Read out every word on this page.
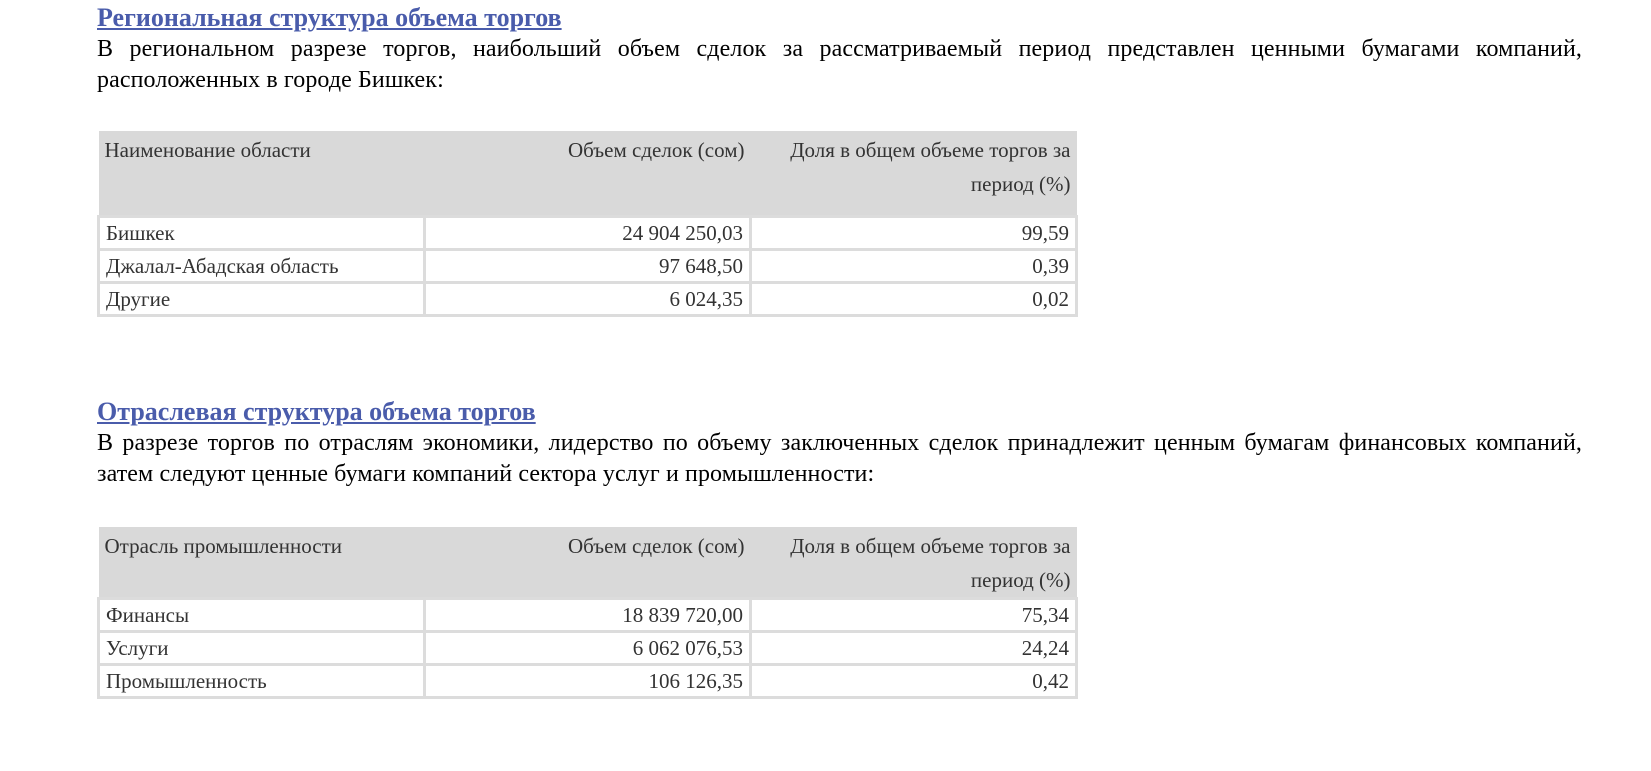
Региональная структура объема торгов

В региональном разрезе торгов, наибольший объем сделок за рассматриваемый период представлен ценными бумагами компаний, расположенных в городе Бишкек:

Наименование области	Объем сделок (сом)	Доля в общем объеме торгов за период (%)
Бишкек	24 904 250,03	99,59
Джалал-Абадская область	97 648,50	0,39
Другие	6 024,35	0,02
Отраслевая структура объема торгов

В разрезе торгов по отраслям экономики, лидерство по объему заключенных сделок принадлежит ценным бумагам финансовых компаний, затем следуют ценные бумаги компаний сектора услуг и промышленности:

Отрасль промышленности	Объем сделок (сом)	Доля в общем объеме торгов за период (%)
Финансы	18 839 720,00	75,34
Услуги	6 062 076,53	24,24
Промышленность	106 126,35	0,42
